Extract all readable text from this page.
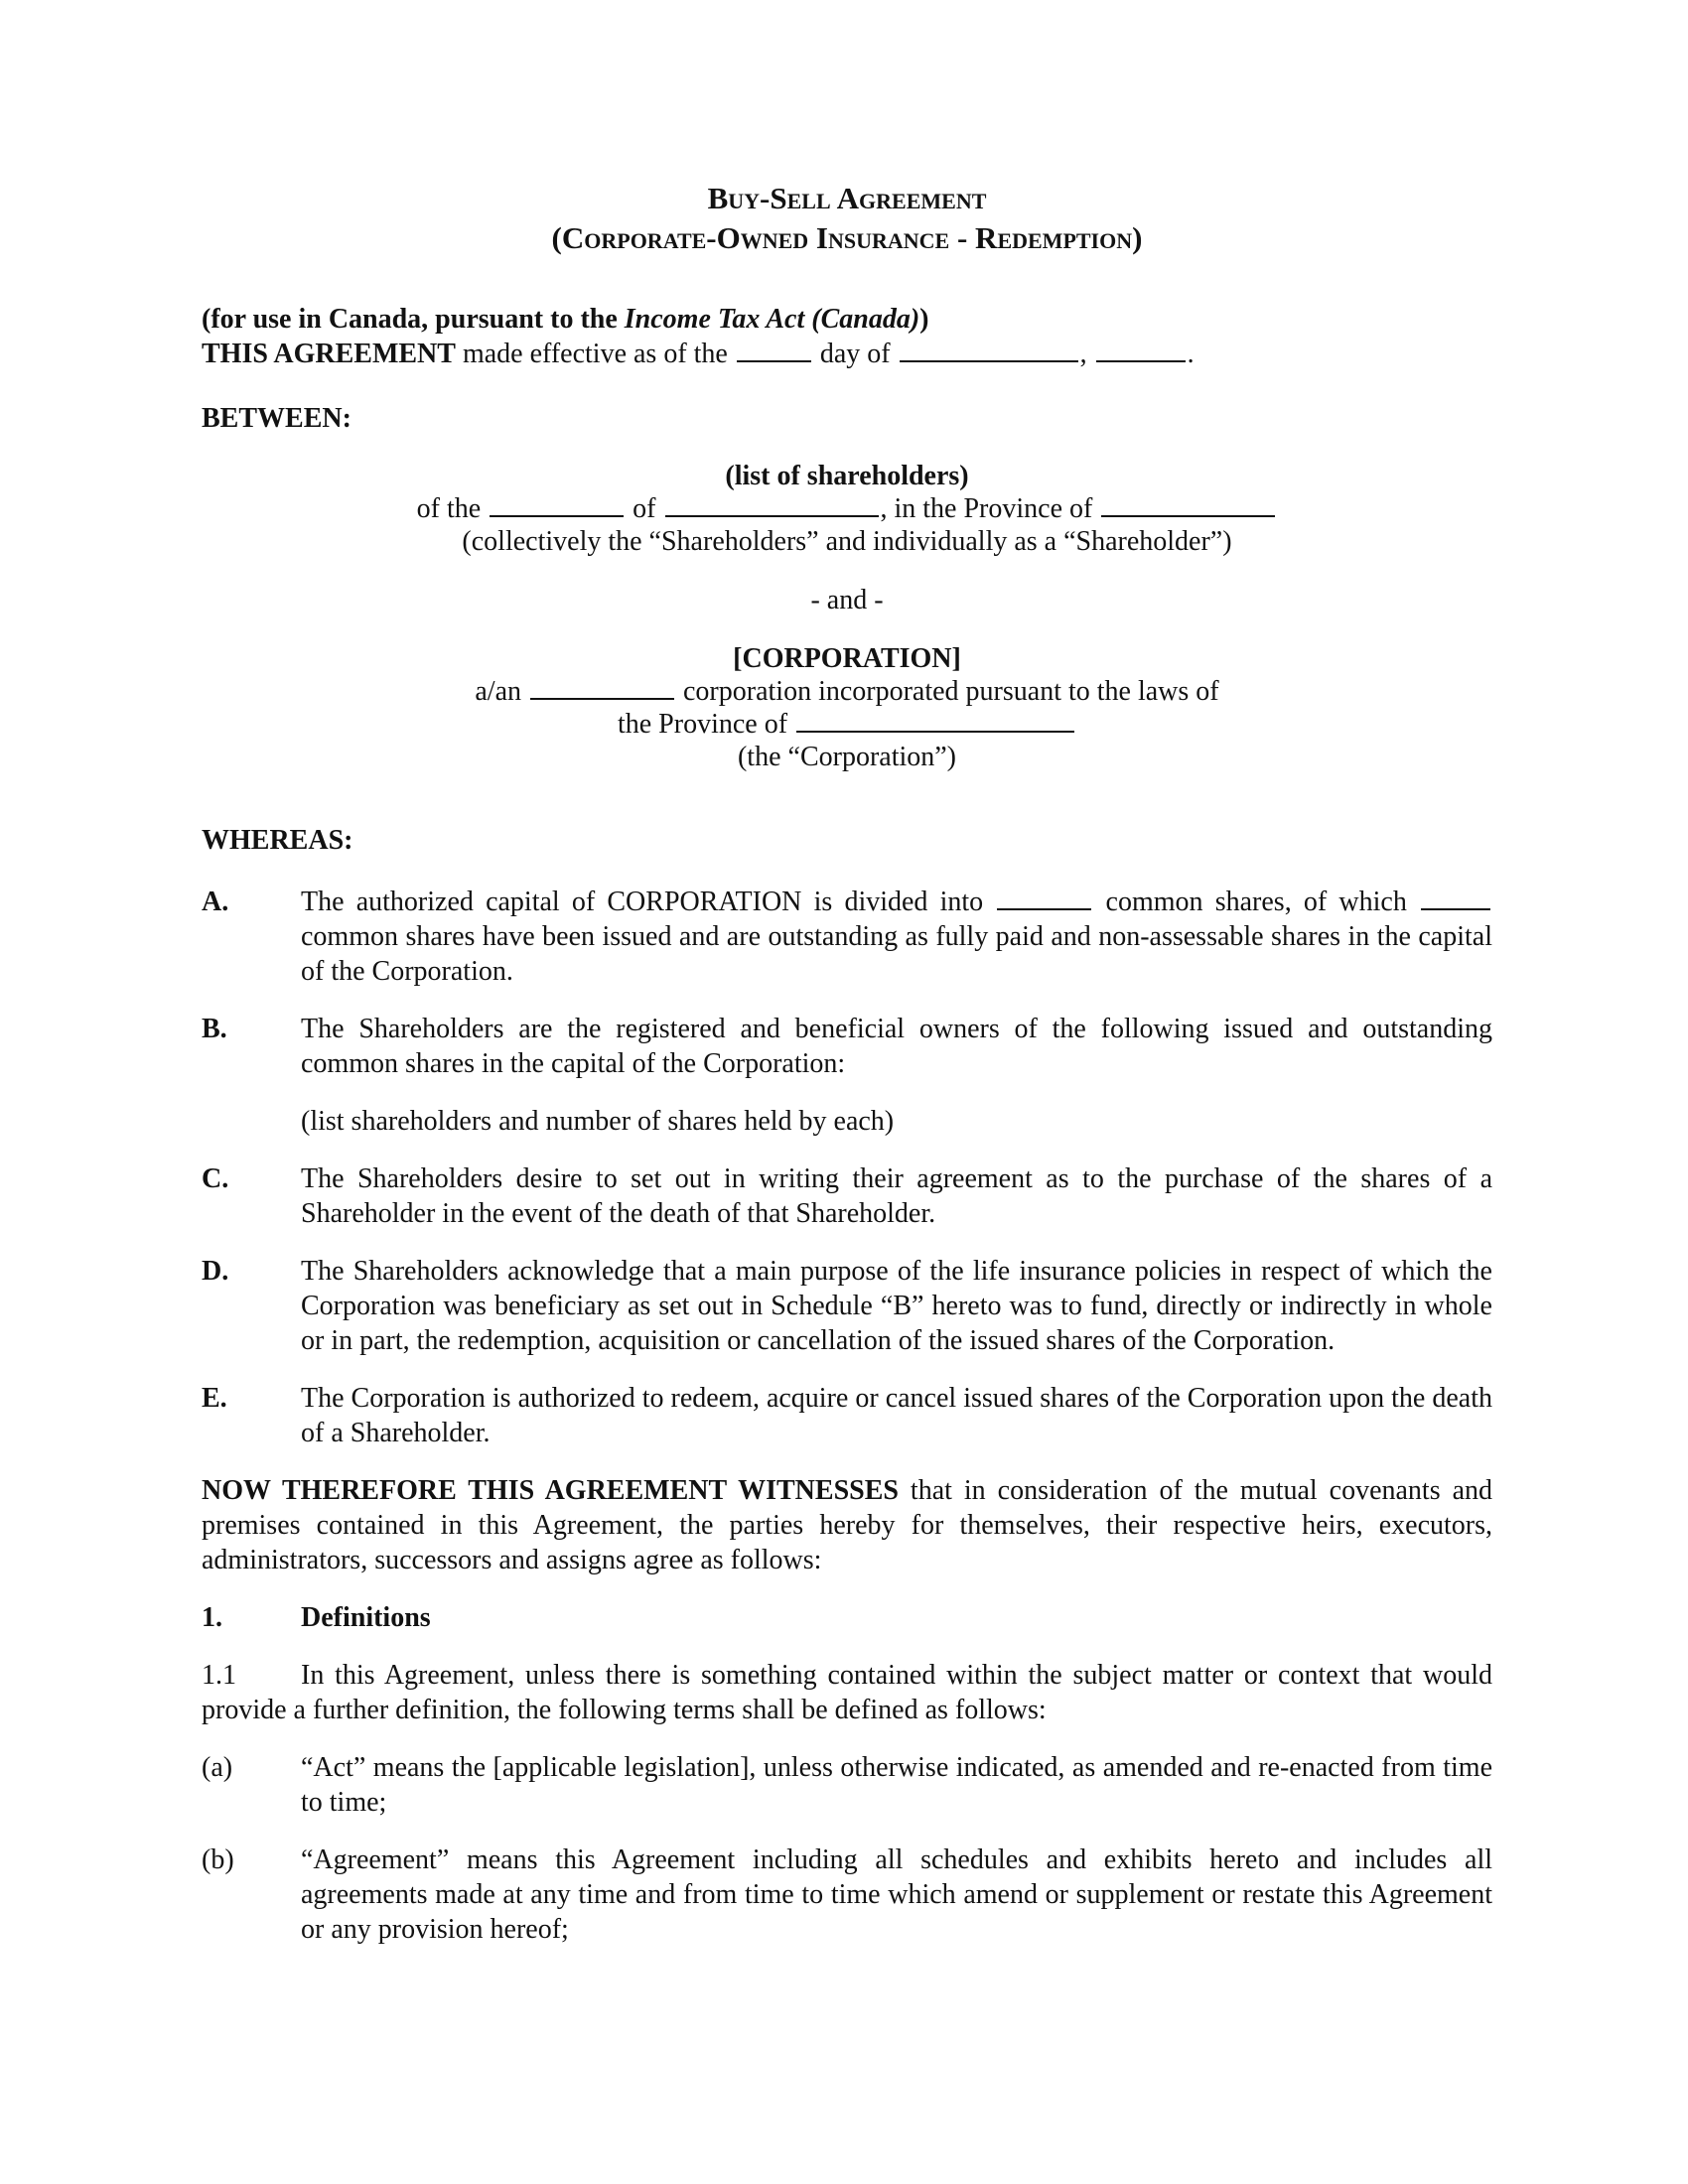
Buy-Sell Agreement

(Corporate-Owned Insurance - Redemption)

(for use in Canada, pursuant to the Income Tax Act (Canada))

THIS AGREEMENT made effective as of the	day of	,	.

BETWEEN:

(list of shareholders)

of the	of	, in the Province of

(collectively the “Shareholders” and individually as a “Shareholder”)

- and -

[CORPORATION]

a/an	corporation incorporated pursuant to the laws of

the Province of

(the “Corporation”)

WHEREAS:

A.	The authorized capital of CORPORATION is divided into	common shares, of which  common shares have been issued and are outstanding as fully paid and non-assessable shares in the capital of the Corporation.

B.	The Shareholders are the registered and beneficial owners of the following issued and outstanding common shares in the capital of the Corporation:

(list shareholders and number of shares held by each)

C.	The Shareholders desire to set out in writing their agreement as to the purchase of the shares of a Shareholder in the event of the death of that Shareholder.

D.	The Shareholders acknowledge that a main purpose of the life insurance policies in respect of which the Corporation was beneficiary as set out in Schedule “B” hereto was to fund, directly or indirectly in whole or in part, the redemption, acquisition or cancellation of the issued shares of the Corporation.

E.	The Corporation is authorized to redeem, acquire or cancel issued shares of the Corporation upon the death of a Shareholder.

NOW THEREFORE THIS AGREEMENT WITNESSES that in consideration of the mutual covenants and premises contained in this Agreement, the parties hereby for themselves, their respective heirs, executors, administrators, successors and assigns agree as follows:

1.	Definitions

1.1 In this Agreement, unless there is something contained within the subject matter or context that would provide a further definition, the following terms shall be defined as follows:

(a) “Act” means the [applicable legislation], unless otherwise indicated, as amended and re-enacted from time to time;

(b) “Agreement” means this Agreement including all schedules and exhibits hereto and includes all agreements made at any time and from time to time which amend or supplement or restate this Agreement or any provision hereof;
